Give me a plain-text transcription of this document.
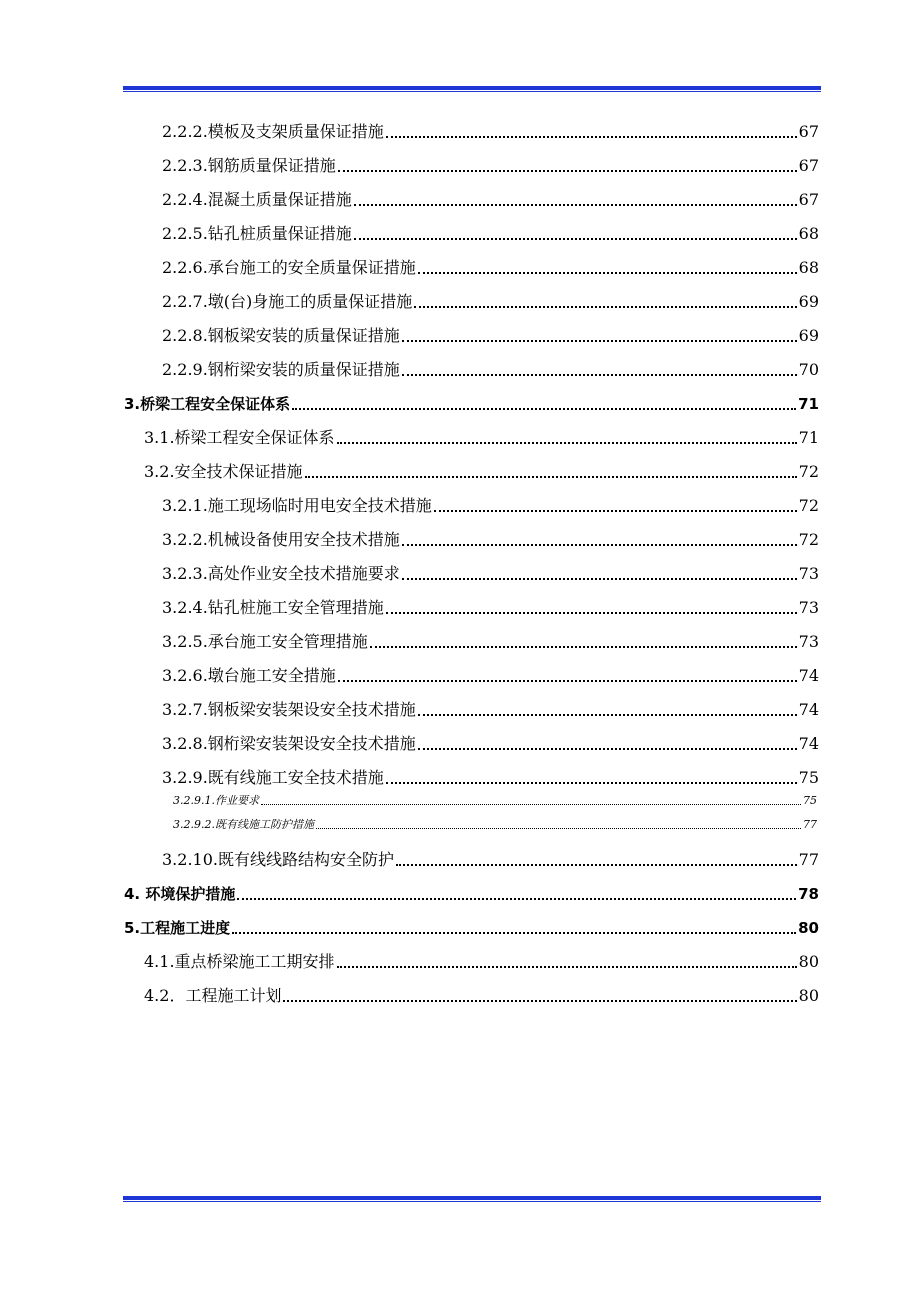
2.2.2.模板及支架质量保证措施	67
2.2.3.钢筋质量保证措施	67
2.2.4.混凝土质量保证措施	67
2.2.5.钻孔桩质量保证措施	68
2.2.6.承台施工的安全质量保证措施	68
2.2.7.墩(台)身施工的质量保证措施	69
2.2.8.钢板梁安装的质量保证措施	69
2.2.9.钢桁梁安装的质量保证措施	70
3.桥梁工程安全保证体系	71
3.1.桥梁工程安全保证体系	71
3.2.安全技术保证措施	72
3.2.1.施工现场临时用电安全技术措施	72
3.2.2.机械设备使用安全技术措施	72
3.2.3.高处作业安全技术措施要求	73
3.2.4.钻孔桩施工安全管理措施	73
3.2.5.承台施工安全管理措施	73
3.2.6.墩台施工安全措施	74
3.2.7.钢板梁安装架设安全技术措施	74
3.2.8.钢桁梁安装架设安全技术措施	74
3.2.9.既有线施工安全技术措施	75
3.2.9.1.作业要求	75
3.2.9.2.既有线施工防护措施	77
3.2.10.既有线线路结构安全防护	77
4. 环境保护措施	78
5.工程施工进度	80
4.1.重点桥梁施工工期安排	80
4.2．工程施工计划	80
